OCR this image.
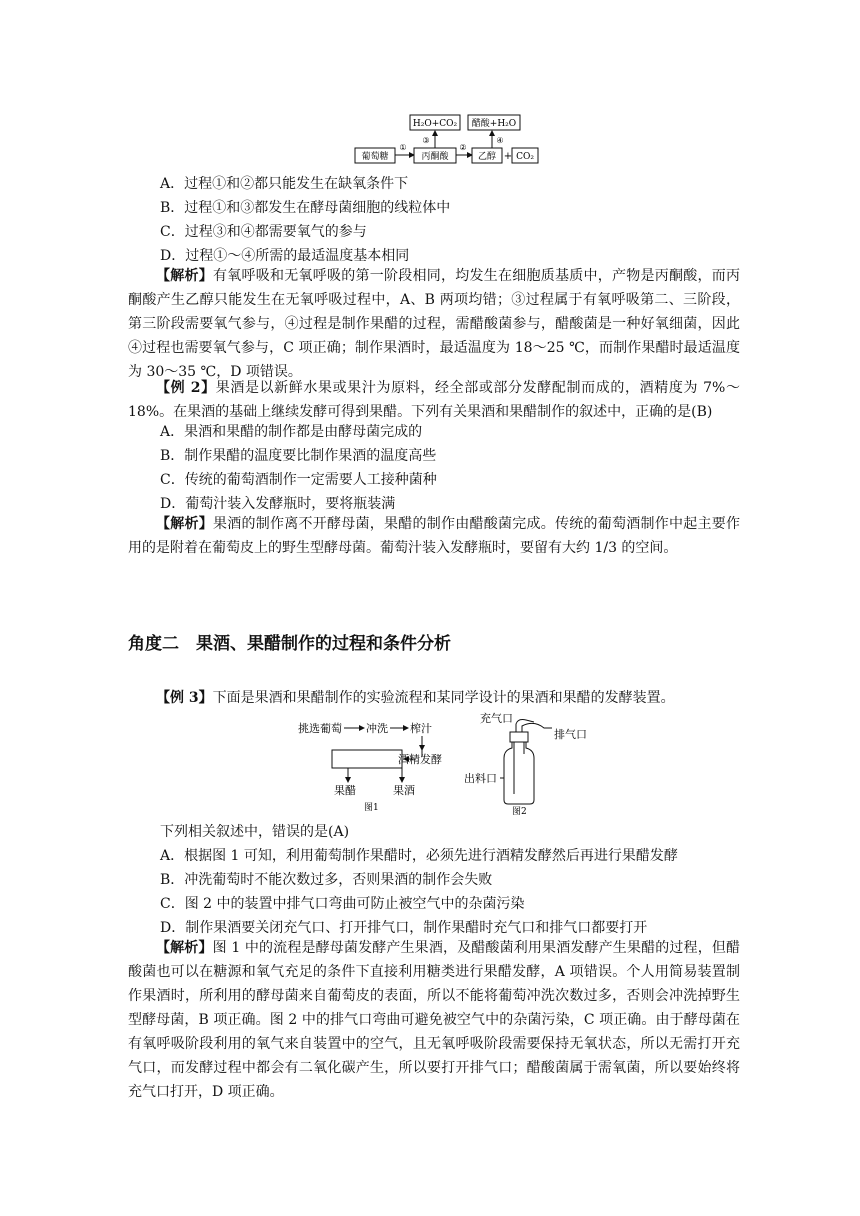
H₂O+CO₂ 醋酸+H₂O
葡萄糖
①
丙酮酸
③
②
乙醇
④
+ CO₂
A．过程①和②都只能发生在缺氧条件下
B．过程①和③都发生在酵母菌细胞的线粒体中
C．过程③和④都需要氧气的参与
D．过程①～④所需的最适温度基本相同
【解析】有氧呼吸和无氧呼吸的第一阶段相同，均发生在细胞质基质中，产物是丙酮酸，而丙酮酸产生乙醇只能发生在无氧呼吸过程中，A、B 两项均错；③过程属于有氧呼吸第二、三阶段，第三阶段需要氧气参与，④过程是制作果醋的过程，需醋酸菌参与，醋酸菌是一种好氧细菌，因此④过程也需要氧气参与，C 项正确；制作果酒时，最适温度为 18～25 ℃，而制作果醋时最适温度为 30～35 ℃，D 项错误。
【例 2】果酒是以新鲜水果或果汁为原料，经全部或部分发酵配制而成的，酒精度为 7%～18%。在果酒的基础上继续发酵可得到果醋。下列有关果酒和果醋制作的叙述中，正确的是(B)
A．果酒和果醋的制作都是由酵母菌完成的
B．制作果醋的温度要比制作果酒的温度高些
C．传统的葡萄酒制作一定需要人工接种菌种
D．葡萄汁装入发酵瓶时，要将瓶装满
【解析】果酒的制作离不开酵母菌，果醋的制作由醋酸菌完成。传统的葡萄酒制作中起主要作用的是附着在葡萄皮上的野生型酵母菌。葡萄汁装入发酵瓶时，要留有大约 1/3 的空间。
角度二　果酒、果醋制作的过程和条件分析
【例 3】下面是果酒和果醋制作的实验流程和某同学设计的果酒和果醋的发酵装置。
挑选葡萄 冲洗 榨汁
酒精发酵
果醋	果酒
图1
充气口
排气口
出料口
图2
下列相关叙述中，错误的是(A)
A．根据图 1 可知，利用葡萄制作果醋时，必须先进行酒精发酵然后再进行果醋发酵
B．冲洗葡萄时不能次数过多，否则果酒的制作会失败
C．图 2 中的装置中排气口弯曲可防止被空气中的杂菌污染
D．制作果酒要关闭充气口、打开排气口，制作果醋时充气口和排气口都要打开
【解析】图 1 中的流程是酵母菌发酵产生果酒，及醋酸菌利用果酒发酵产生果醋的过程，但醋酸菌也可以在糖源和氧气充足的条件下直接利用糖类进行果醋发酵，A 项错误。个人用简易装置制作果酒时，所利用的酵母菌来自葡萄皮的表面，所以不能将葡萄冲洗次数过多，否则会冲洗掉野生型酵母菌，B 项正确。图 2 中的排气口弯曲可避免被空气中的杂菌污染，C 项正确。由于酵母菌在有氧呼吸阶段利用的氧气来自装置中的空气，且无氧呼吸阶段需要保持无氧状态，所以无需打开充气口，而发酵过程中都会有二氧化碳产生，所以要打开排气口；醋酸菌属于需氧菌，所以要始终将充气口打开，D 项正确。
